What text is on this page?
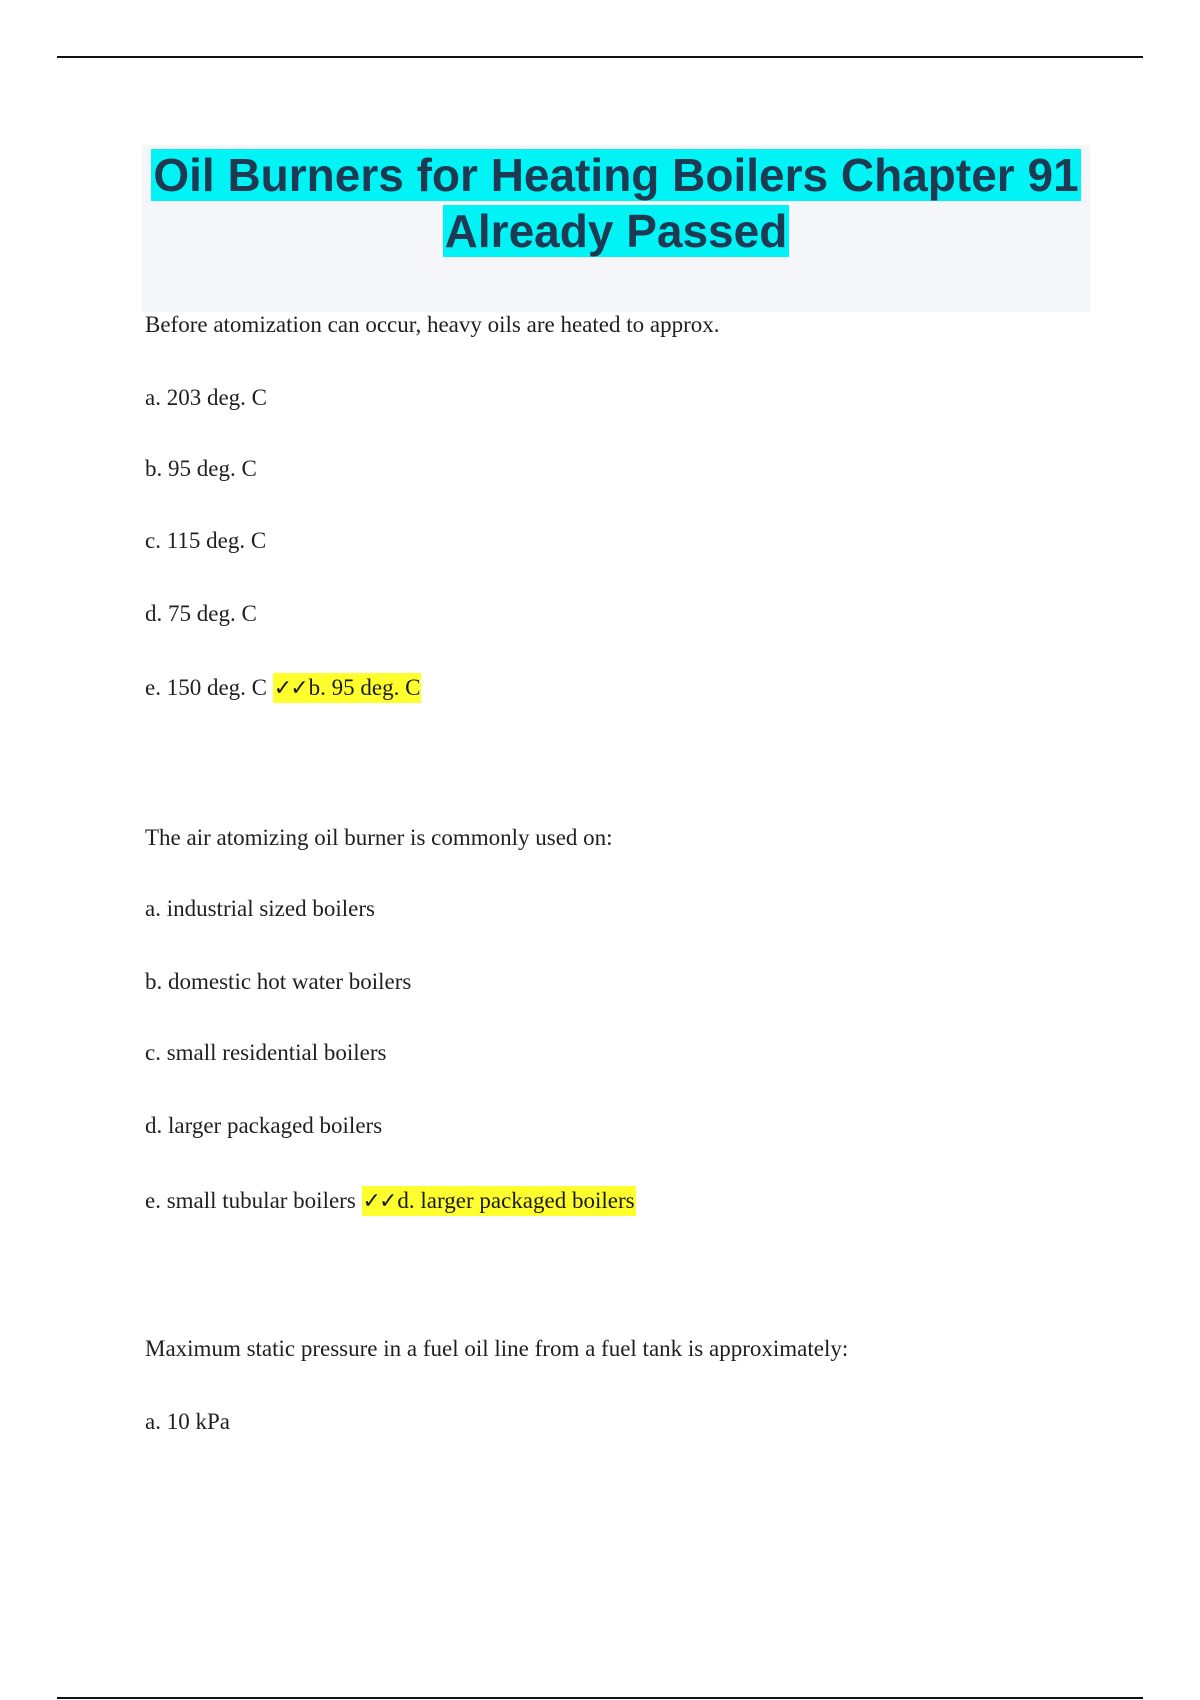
Oil Burners for Heating Boilers Chapter 91 Already Passed
Before atomization can occur, heavy oils are heated to approx.
a. 203 deg. C
b. 95 deg. C
c. 115 deg. C
d. 75 deg. C
e. 150 deg. C ✓✓b. 95 deg. C
The air atomizing oil burner is commonly used on:
a. industrial sized boilers
b. domestic hot water boilers
c. small residential boilers
d. larger packaged boilers
e. small tubular boilers ✓✓d. larger packaged boilers
Maximum static pressure in a fuel oil line from a fuel tank is approximately:
a. 10 kPa
